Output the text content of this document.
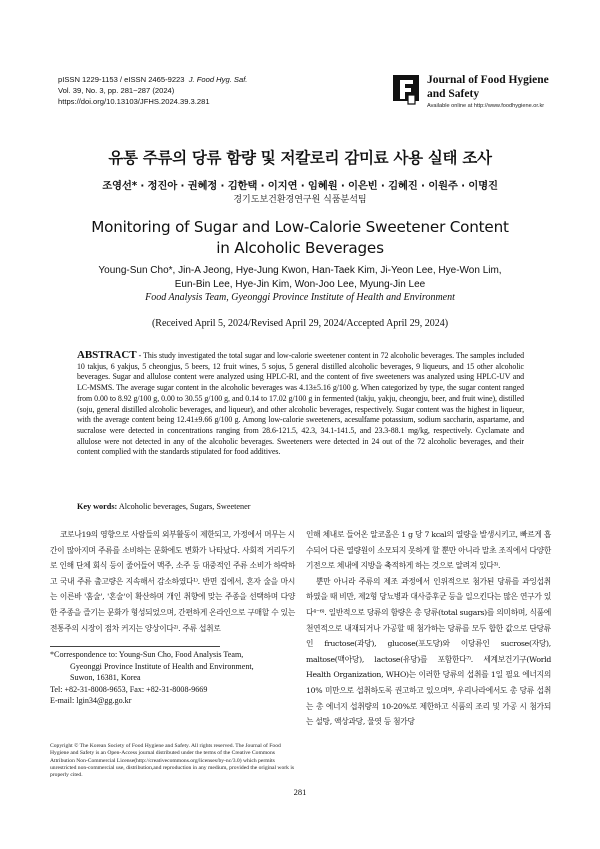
pISSN 1229-1153 / eISSN 2465-9223 J. Food Hyg. Saf.
Vol. 39, No. 3, pp. 281~287 (2024)
https://doi.org/10.13103/JFHS.2024.39.3.281
Journal of Food Hygiene
and Safety
Available online at http://www.foodhygiene.or.kr
유통 주류의 당류 함량 및 저칼로리 감미료 사용 실태 조사
조영선* · 정진아 · 권혜정 · 김한택 · 이지연 · 임혜원 · 이은빈 · 김혜진 · 이원주 · 이명진
경기도보건환경연구원 식품분석팀
Monitoring of Sugar and Low-Calorie Sweetener Content
in Alcoholic Beverages
Young-Sun Cho*, Jin-A Jeong, Hye-Jung Kwon, Han-Taek Kim, Ji-Yeon Lee, Hye-Won Lim,
Eun-Bin Lee, Hye-Jin Kim, Won-Joo Lee, Myung-Jin Lee
Food Analysis Team, Gyeonggi Province Institute of Health and Environment
(Received April 5, 2024/Revised April 29, 2024/Accepted April 29, 2024)
ABSTRACT - This study investigated the total sugar and low-calorie sweetener content in 72 alcoholic beverages. The samples included 10 takjus, 6 yakjus, 5 cheongjus, 5 beers, 12 fruit wines, 5 sojus, 5 general distilled alcoholic beverages, 9 liqueurs, and 15 other alcoholic beverages. Sugar and allulose content were analyzed using HPLC-RI, and the content of five sweeteners was analyzed using HPLC-UV and LC-MSMS. The average sugar content in the alcoholic beverages was 4.13±5.16 g/100 g. When categorized by type, the sugar content ranged from 0.00 to 8.92 g/100 g, 0.00 to 30.55 g/100 g, and 0.14 to 17.02 g/100 g in fermented (takju, yakju, cheongju, beer, and fruit wine), distilled (soju, general distilled alcoholic beverages, and liqueur), and other alcoholic beverages, respectively. Sugar content was the highest in liqueur, with the average content being 12.41±9.66 g/100 g. Among low-calorie sweeteners, acesulfame potassium, sodium saccharin, aspartame, and sucralose were detected in concentrations ranging from 28.6-121.5, 42.3, 34.1-141.5, and 23.3-88.1 mg/kg, respectively. Cyclamate and allulose were not detected in any of the alcoholic beverages. Sweeteners were detected in 24 out of the 72 alcoholic beverages, and their content complied with the standards stipulated for food additives.
Key words: Alcoholic beverages, Sugars, Sweetener

코로나19의 영향으로 사람들의 외부활동이 제한되고, 가정에서 머무는 시간이 많아지며 주류를 소비하는 문화에도 변화가 나타났다. 사회적 거리두기로 인해 단체 회식 등이 줄어들어 맥주, 소주 등 대중적인 주류 소비가 하락하고 국내 주류 출고량은 지속해서 감소하였다¹⁾. 반면 집에서, 혼자 술을 마시는 이른바 '홈술', '혼술'이 확산하며 개인 취향에 맞는 주종을 선택하며 다양한 주종을 즐기는 문화가 형성되었으며, 간편하게 온라인으로 구매할 수 있는 전통주의 시장이 점차 커지는 양상이다²⁾. 주류 섭취로

*Correspondence to: Young-Sun Cho, Food Analysis Team,
Gyeonggi Province Institute of Health and Environment,
Suwon, 16381, Korea
Tel: +82-31-8008-9653, Fax: +82-31-8008-9669
E-mail: lgin34@gg.go.kr
Copyright © The Korean Society of Food Hygiene and Safety. All rights reserved. The Journal of Food Hygiene and Safety is an Open-Access journal distributed under the terms of the Creative Commons Attribution Non-Commercial License(http://creativecommons.org/licenses/by-nc/3.0) which permits unrestricted non-commercial use, distribution,and reproduction in any medium, provided the original work is properly cited.

인해 체내로 들어온 알코올은 1 g 당 7 kcal의 열량을 발생시키고, 빠르게 흡수되어 다른 열량원이 소모되지 못하게 할 뿐만 아니라 말초 조직에서 다양한 기전으로 체내에 지방을 축적하게 하는 것으로 알려져 있다³⁾.

뿐만 아니라 주류의 제조 과정에서 인위적으로 첨가된 당류를 과잉섭취 하였을 때 비만, 제2형 당뇨병과 대사증후군 등을 일으킨다는 많은 연구가 있다⁴⁻⁶⁾. 일반적으로 당류의 함량은 총 당류(total sugars)를 의미하며, 식품에 천연적으로 내재되거나 가공할 때 첨가하는 당류를 모두 합한 값으로 단당류인 fructose(과당), glucose(포도당)와 이당류인 sucrose(자당), maltose(맥아당), lactose(유당)를 포함한다⁷⁾. 세계보건기구(World Health Organization, WHO)는 이러한 당류의 섭취를 1일 필요 에너지의 10% 미만으로 섭취하도록 권고하고 있으며⁸⁾, 우리나라에서도 총 당류 섭취는 총 에너지 섭취량의 10-20%로 제한하고 식품의 조리 및 가공 시 첨가되는 설탕, 액상과당, 물엿 등 첨가당

281
